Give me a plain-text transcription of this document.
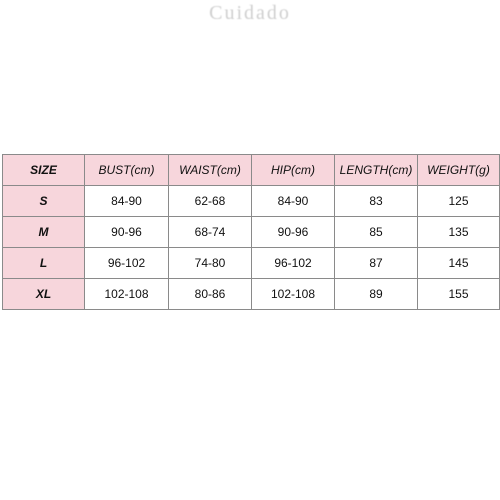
Cuidado
SIZE	BUST(cm)	WAIST(cm)	HIP(cm)	LENGTH(cm)	WEIGHT(g)
S	84-90	62-68	84-90	83	125
M	90-96	68-74	90-96	85	135
L	96-102	74-80	96-102	87	145
XL	102-108	80-86	102-108	89	155
